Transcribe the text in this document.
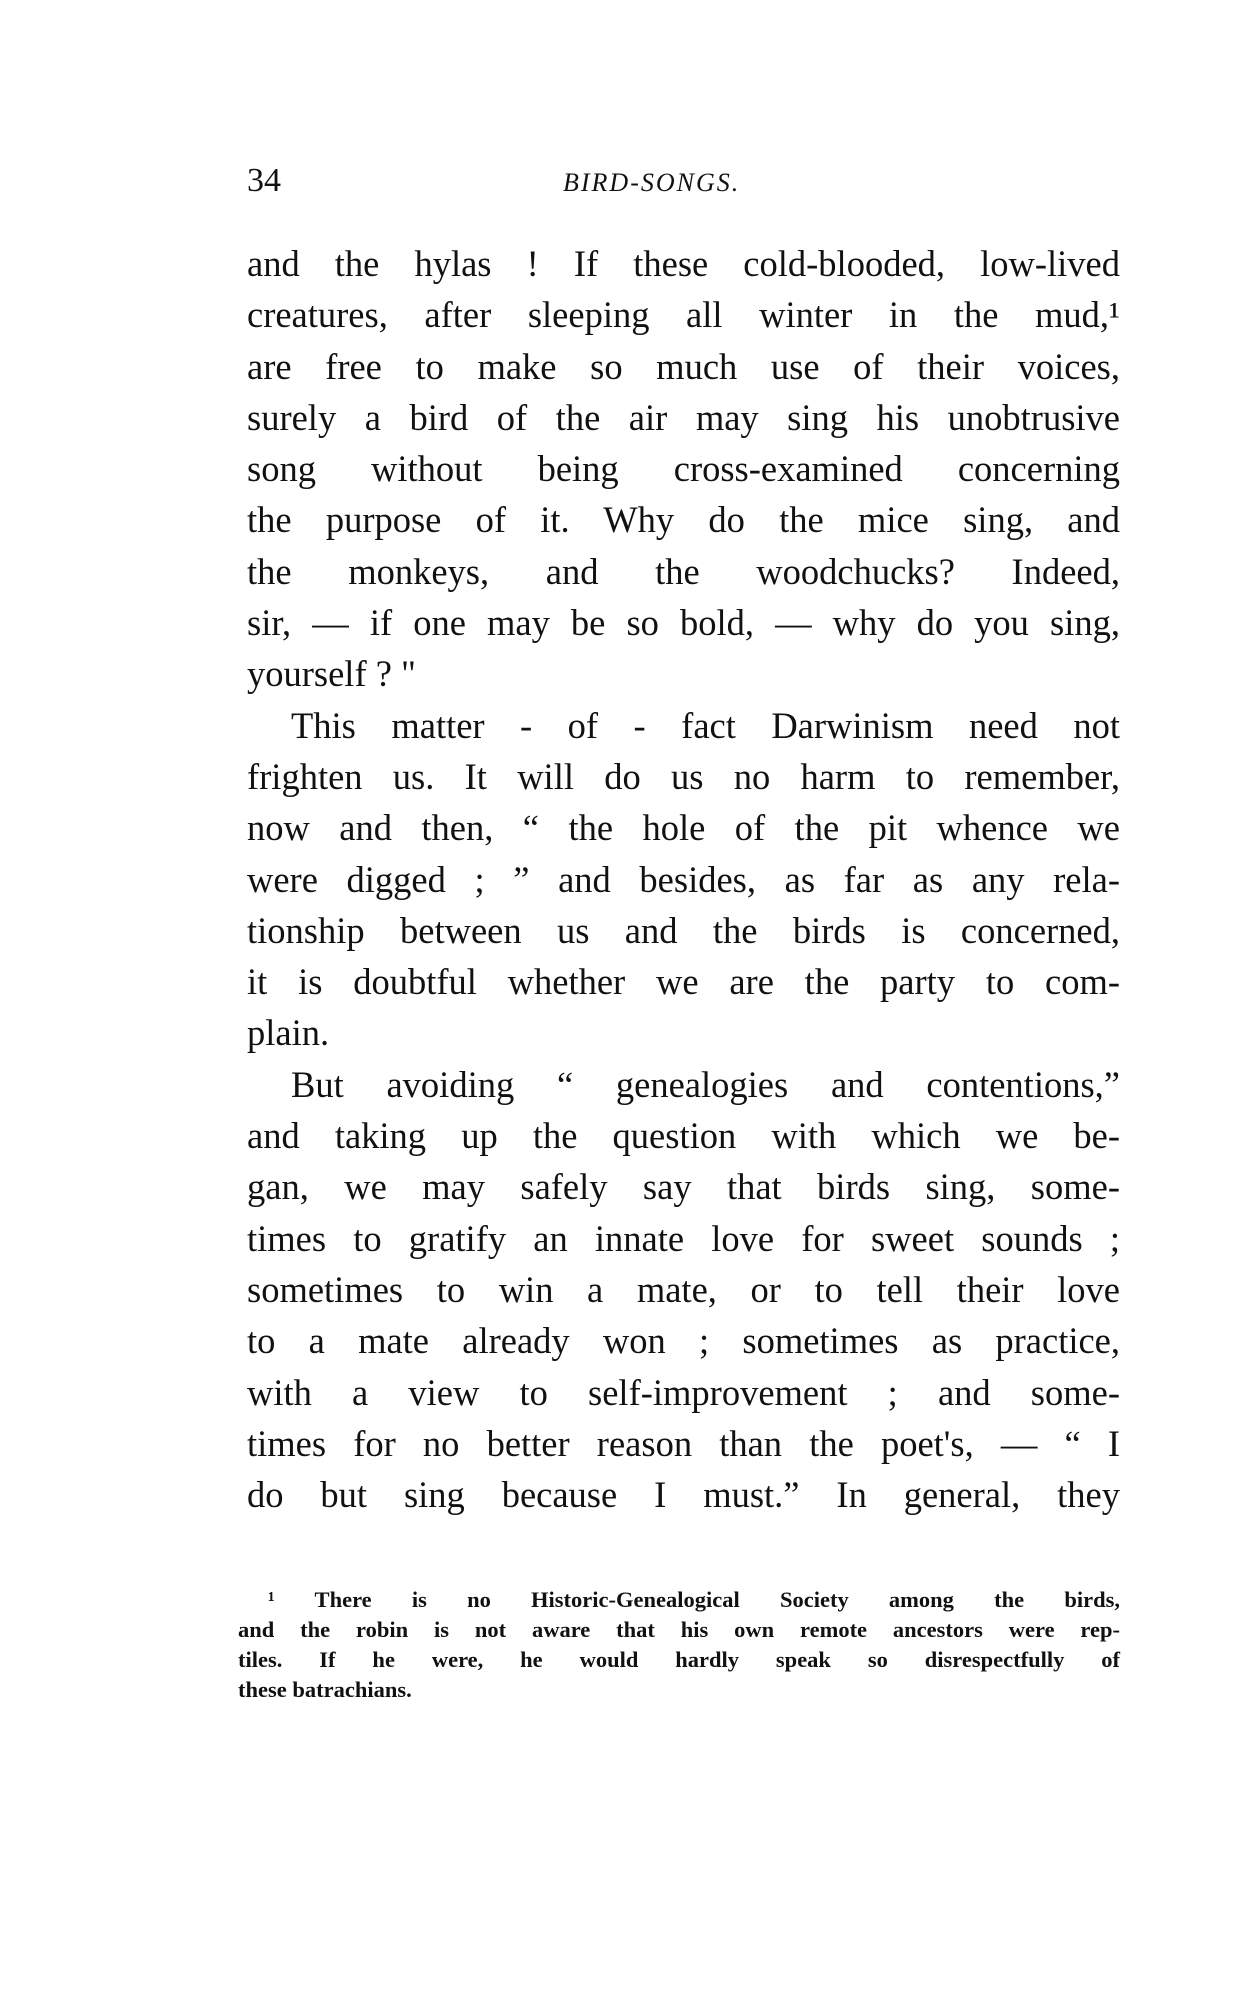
34	BIRD-SONGS.
and the hylas ! If these cold-blooded, low-lived
creatures, after sleeping all winter in the mud,¹
are free to make so much use of their voices,
surely a bird of the air may sing his unobtrusive
song without being cross-examined concerning
the purpose of it. Why do the mice sing, and
the monkeys, and the woodchucks? Indeed,
sir, — if one may be so bold, — why do you sing,
yourself ? "
This matter - of - fact Darwinism need not
frighten us. It will do us no harm to remember,
now and then, “ the hole of the pit whence we
were digged ; ” and besides, as far as any rela-
tionship between us and the birds is concerned,
it is doubtful whether we are the party to com-
plain.
But avoiding “ genealogies and contentions,”
and taking up the question with which we be-
gan, we may safely say that birds sing, some-
times to gratify an innate love for sweet sounds ;
sometimes to win a mate, or to tell their love
to a mate already won ; sometimes as practice,
with a view to self-improvement ; and some-
times for no better reason than the poet's, — “ I
do but sing because I must.” In general, they
¹ There is no Historic-Genealogical Society among the birds,
and the robin is not aware that his own remote ancestors were rep-
tiles. If he were, he would hardly speak so disrespectfully of
these batrachians.
